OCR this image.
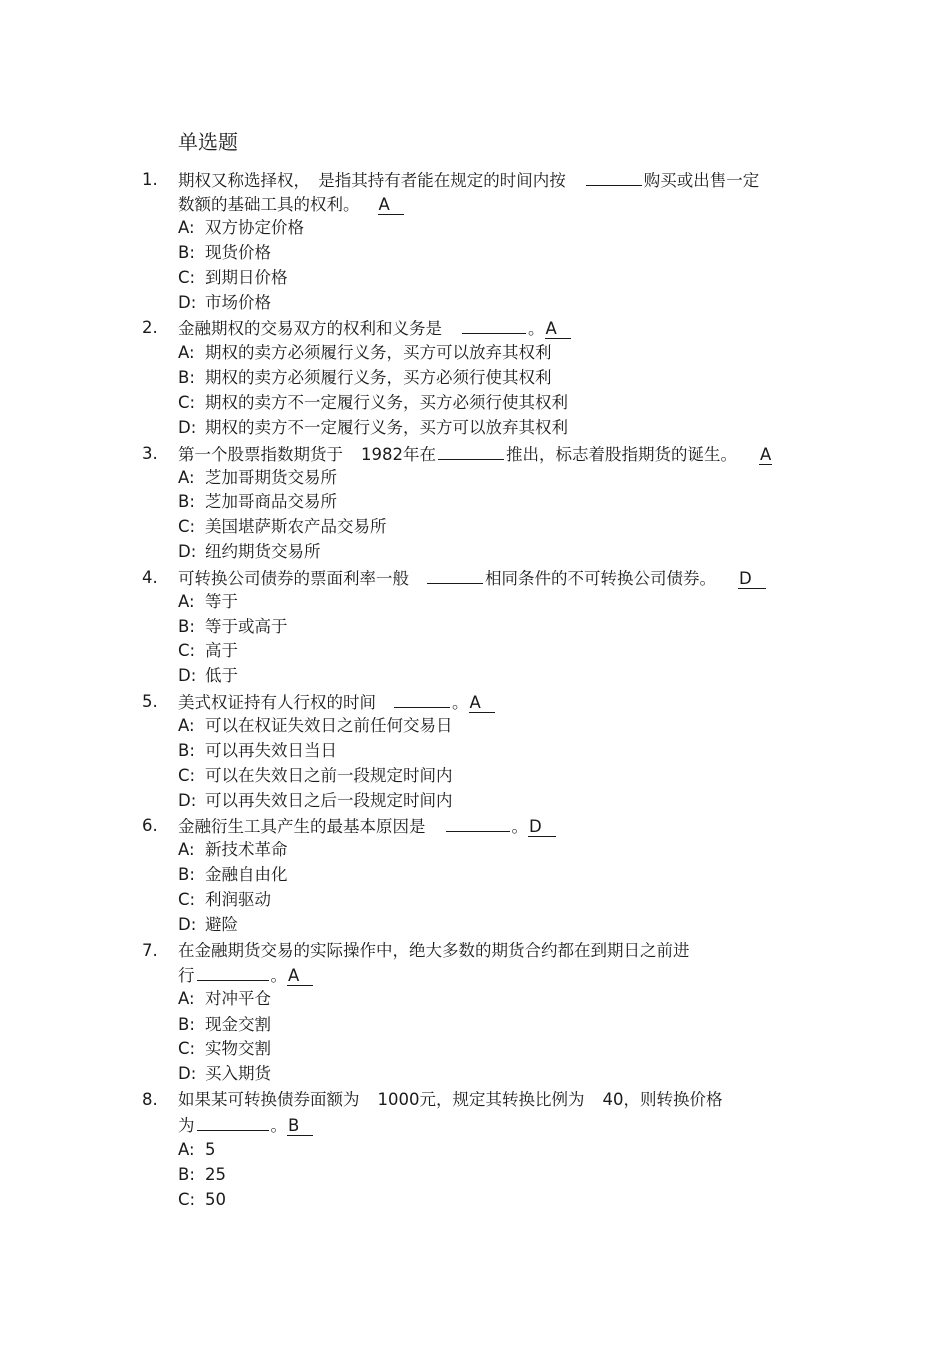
单选题
1. 期权又称选择权，　是指其持有者能在规定的时间内按	购买或出售一定
数额的基础工具的权利。 A
A: 双方协定价格
B: 现货价格
C: 到期日价格
D: 市场价格
2. 金融期权的交易双方的权利和义务是	。A
A: 期权的卖方必须履行义务，买方可以放弃其权利
B: 期权的卖方必须履行义务，买方必须行使其权利
C: 期权的卖方不一定履行义务，买方必须行使其权利
D: 期权的卖方不一定履行义务，买方可以放弃其权利
3. 第一个股票指数期货于 1982年在	推出，标志着股指期货的诞生。 A
A: 芝加哥期货交易所
B: 芝加哥商品交易所
C: 美国堪萨斯农产品交易所
D: 纽约期货交易所
4. 可转换公司债券的票面利率一般	相同条件的不可转换公司债券。 D
A: 等于
B: 等于或高于
C: 高于
D: 低于
5. 美式权证持有人行权的时间	。A
A: 可以在权证失效日之前任何交易日
B: 可以再失效日当日
C: 可以在失效日之前一段规定时间内
D: 可以再失效日之后一段规定时间内
6. 金融衍生工具产生的最基本原因是	。D
A: 新技术革命
B: 金融自由化
C: 利润驱动
D: 避险
7. 在金融期货交易的实际操作中，绝大多数的期货合约都在到期日之前进
行	。A
A: 对冲平仓
B: 现金交割
C: 实物交割
D: 买入期货
8. 如果某可转换债券面额为 1000元，规定其转换比例为 40，则转换价格
为	。B
A: 5
B: 25
C: 50
